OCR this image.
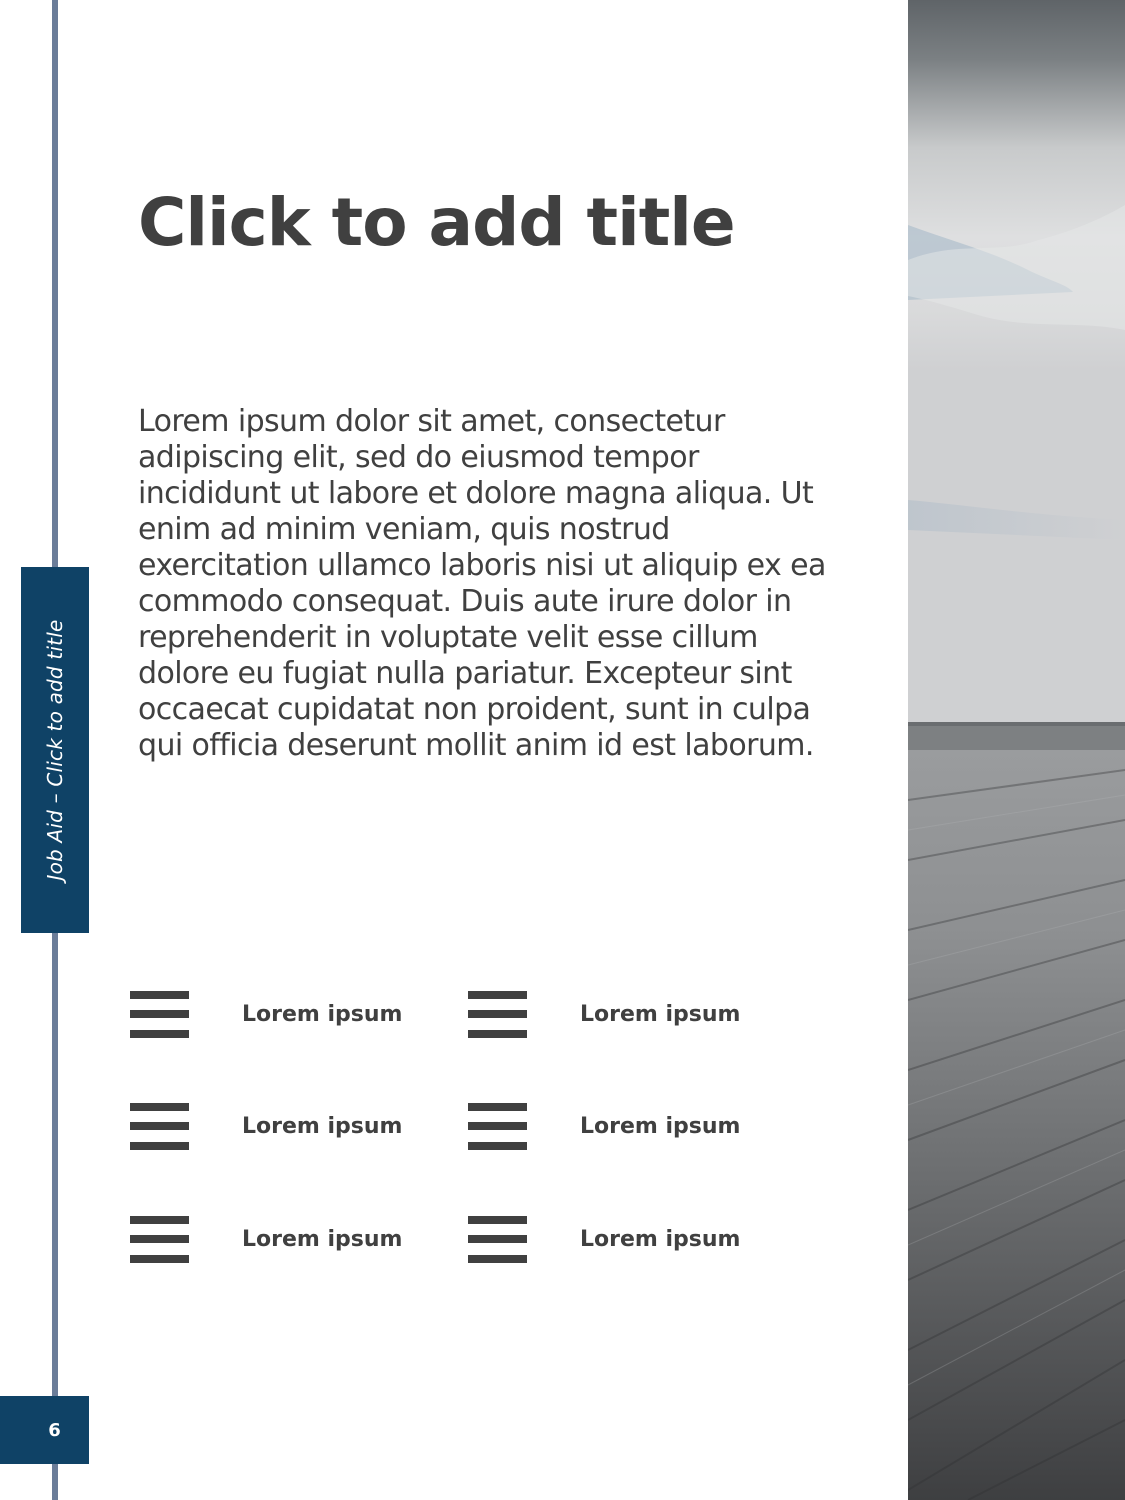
Job Aid – Click to add title
6
Click to add title

Lorem ipsum dolor sit amet, consectetur adipiscing elit, sed do eiusmod tempor incididunt ut labore et dolore magna aliqua. Ut enim ad minim veniam, quis nostrud exercitation ullamco laboris nisi ut aliquip ex ea commodo consequat. Duis aute irure dolor in reprehenderit in voluptate velit esse cillum dolore eu fugiat nulla pariatur. Excepteur sint occaecat cupidatat non proident, sunt in culpa qui officia deserunt mollit anim id est laborum.

Lorem ipsum	Lorem ipsum
Lorem ipsum	Lorem ipsum
Lorem ipsum	Lorem ipsum
